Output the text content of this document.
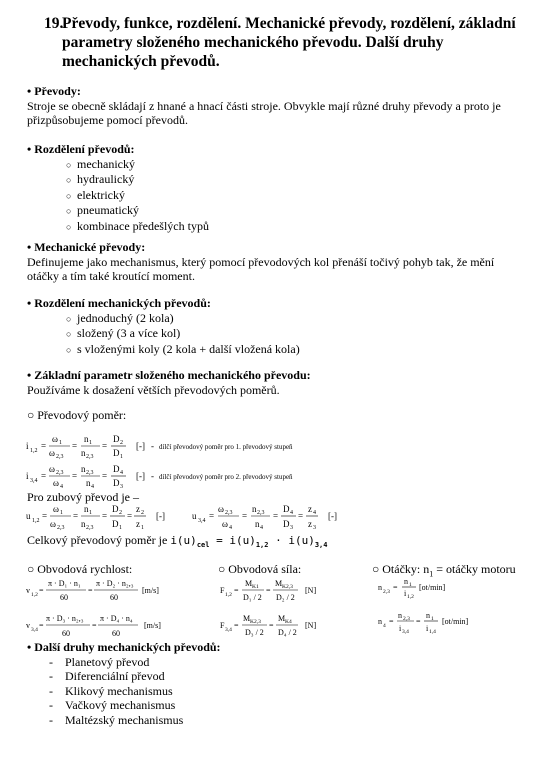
19.
Převody, funkce, rozdělení. Mechanické převody, rozdělení, základní parametry složeného mechanického převodu. Další druhy mechanických převodů.
• Převody:
Stroje se obecně skládají z hnané a hnací části stroje. Obvykle mají různé druhy převody a proto je
přizpůsobujeme pomocí převodů.
• Rozdělení převodů:
○ mechanický
○ hydraulický
○ elektrický
○ pneumatický
○ kombinace předešlých typů
• Mechanické převody:
Definujeme jako mechanismus, který pomocí převodových kol přenáší točivý pohyb tak, že mění
otáčky a tím také kroutící moment.
• Rozdělení mechanických převodů:
○ jednoduchý (2 kola)
○ složený (3 a více kol)
○ s vloženými koly (2 kola + další vložená kola)
• Základní parametr složeného mechanického převodu:
Používáme k dosažení větších převodových poměrů.
○ Převodový poměr:
i 1,2 =
ω 1
ω 2,3
=
n 1
n 2,3
=
D 2
D 1
[-] - dílčí převodový poměr pro 1. převodový stupeň
i 3,4 =
ω 2,3
ω 4
=
n 2,3
n 4
=
D 4
D 3
[-] - dílčí převodový poměr pro 2. převodový stupeň
Pro zubový převod je –
u 1,2 =
ω 1
ω 2,3
=
n 1
n 2,3
=
D 2
D 1
=
z 2
z 1
[-]	u 3,4 =
ω 2,3
ω 4
=
n 2,3
n 4
=
D 4
D 3
=
z 4
z 3
[-]
Celkový převodový poměr je $i(u)_{cel} = i(u)_{1,2} \cdot i(u)_{3,4}$
○ Obvodová rychlost:	○ Obvodová síla:	○ Otáčky: $n_1$ = otáčky motoru
v 1,2 =
π · D₁ · n₁
60
=
π · D₂ · n₂,₃
60
[m/s]
v 3,4 =
π · D₃ · n₂,₃
60
=
π · D₄ · n₄
60
[m/s]
F 1,2 =
M K1
D₁ / 2
=
M K2,3
D₂ / 2
[N]
F 3,4 =
M K2,3
D₃ / 2
=
M K4
D₄ / 2
[N]
n 2,3 =
n 1
i 1,2
[ot/min]
n 4 =
n 2,3
i 3,4
=
n 1
i 1,4
[ot/min]
• Další druhy mechanických převodů:
- Planetový převod
- Diferenciální převod
- Klikový mechanismus
- Vačkový mechanismus
- Maltézský mechanismus
